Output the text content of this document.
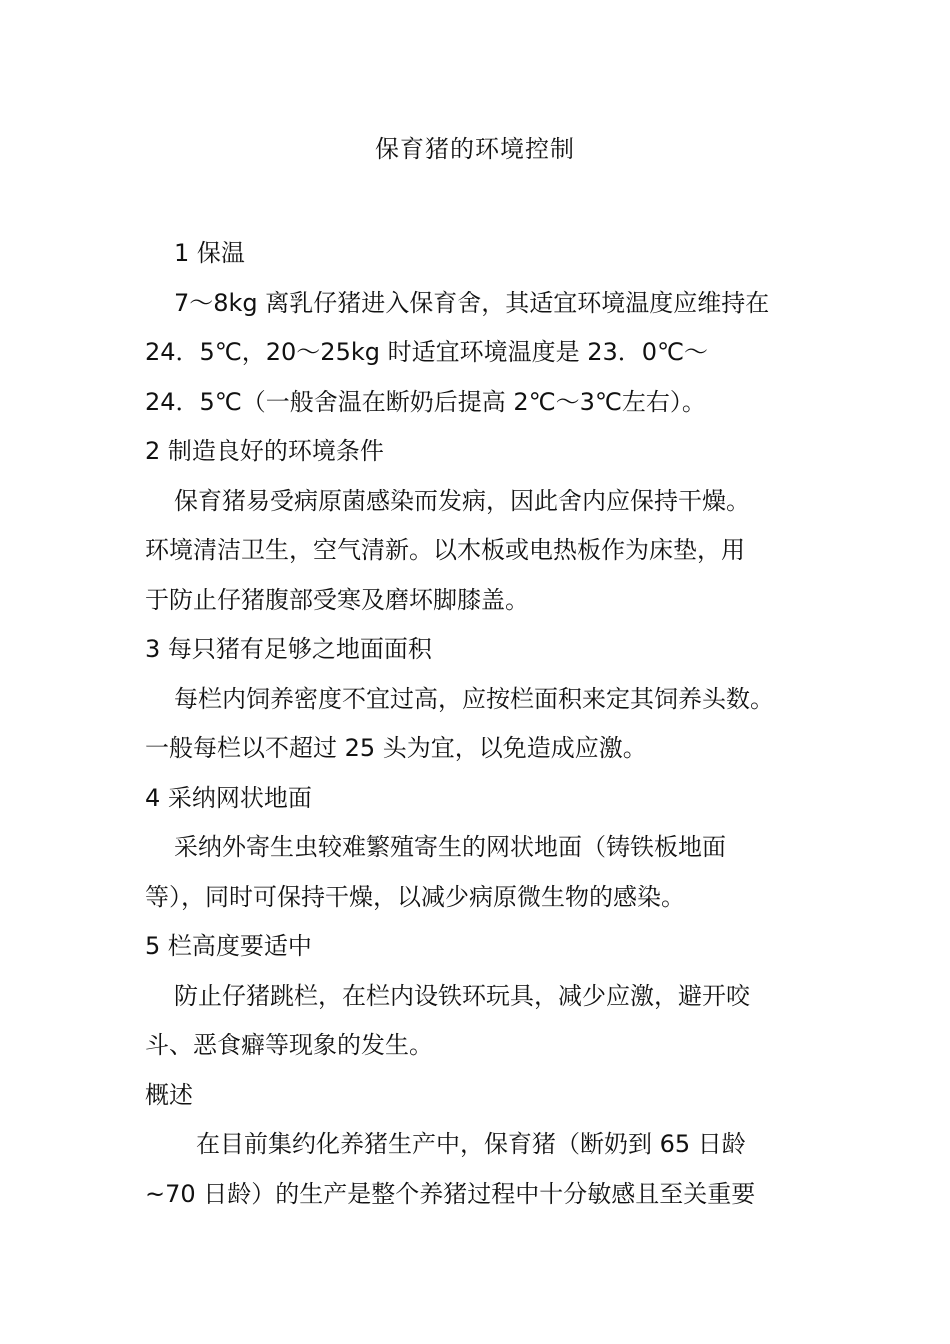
保育猪的环境控制
1 保温
7～8kg 离乳仔猪进入保育舍，其适宜环境温度应维持在
24．5℃，20～25kg 时适宜环境温度是 23．0℃～
24．5℃（一般舍温在断奶后提高 2℃～3℃左右）。
2 制造良好的环境条件
保育猪易受病原菌感染而发病，因此舍内应保持干燥。
环境清洁卫生，空气清新。以木板或电热板作为床垫，用
于防止仔猪腹部受寒及磨坏脚膝盖。
3 每只猪有足够之地面面积
每栏内饲养密度不宜过高，应按栏面积来定其饲养头数。
一般每栏以不超过 25 头为宜，以免造成应激。
4 采纳网状地面
采纳外寄生虫较难繁殖寄生的网状地面（铸铁板地面
等），同时可保持干燥，以减少病原微生物的感染。
5 栏高度要适中
防止仔猪跳栏，在栏内设铁环玩具，减少应激，避开咬
斗、恶食癖等现象的发生。
概述
在目前集约化养猪生产中，保育猪（断奶到 65 日龄
~70 日龄）的生产是整个养猪过程中十分敏感且至关重要
